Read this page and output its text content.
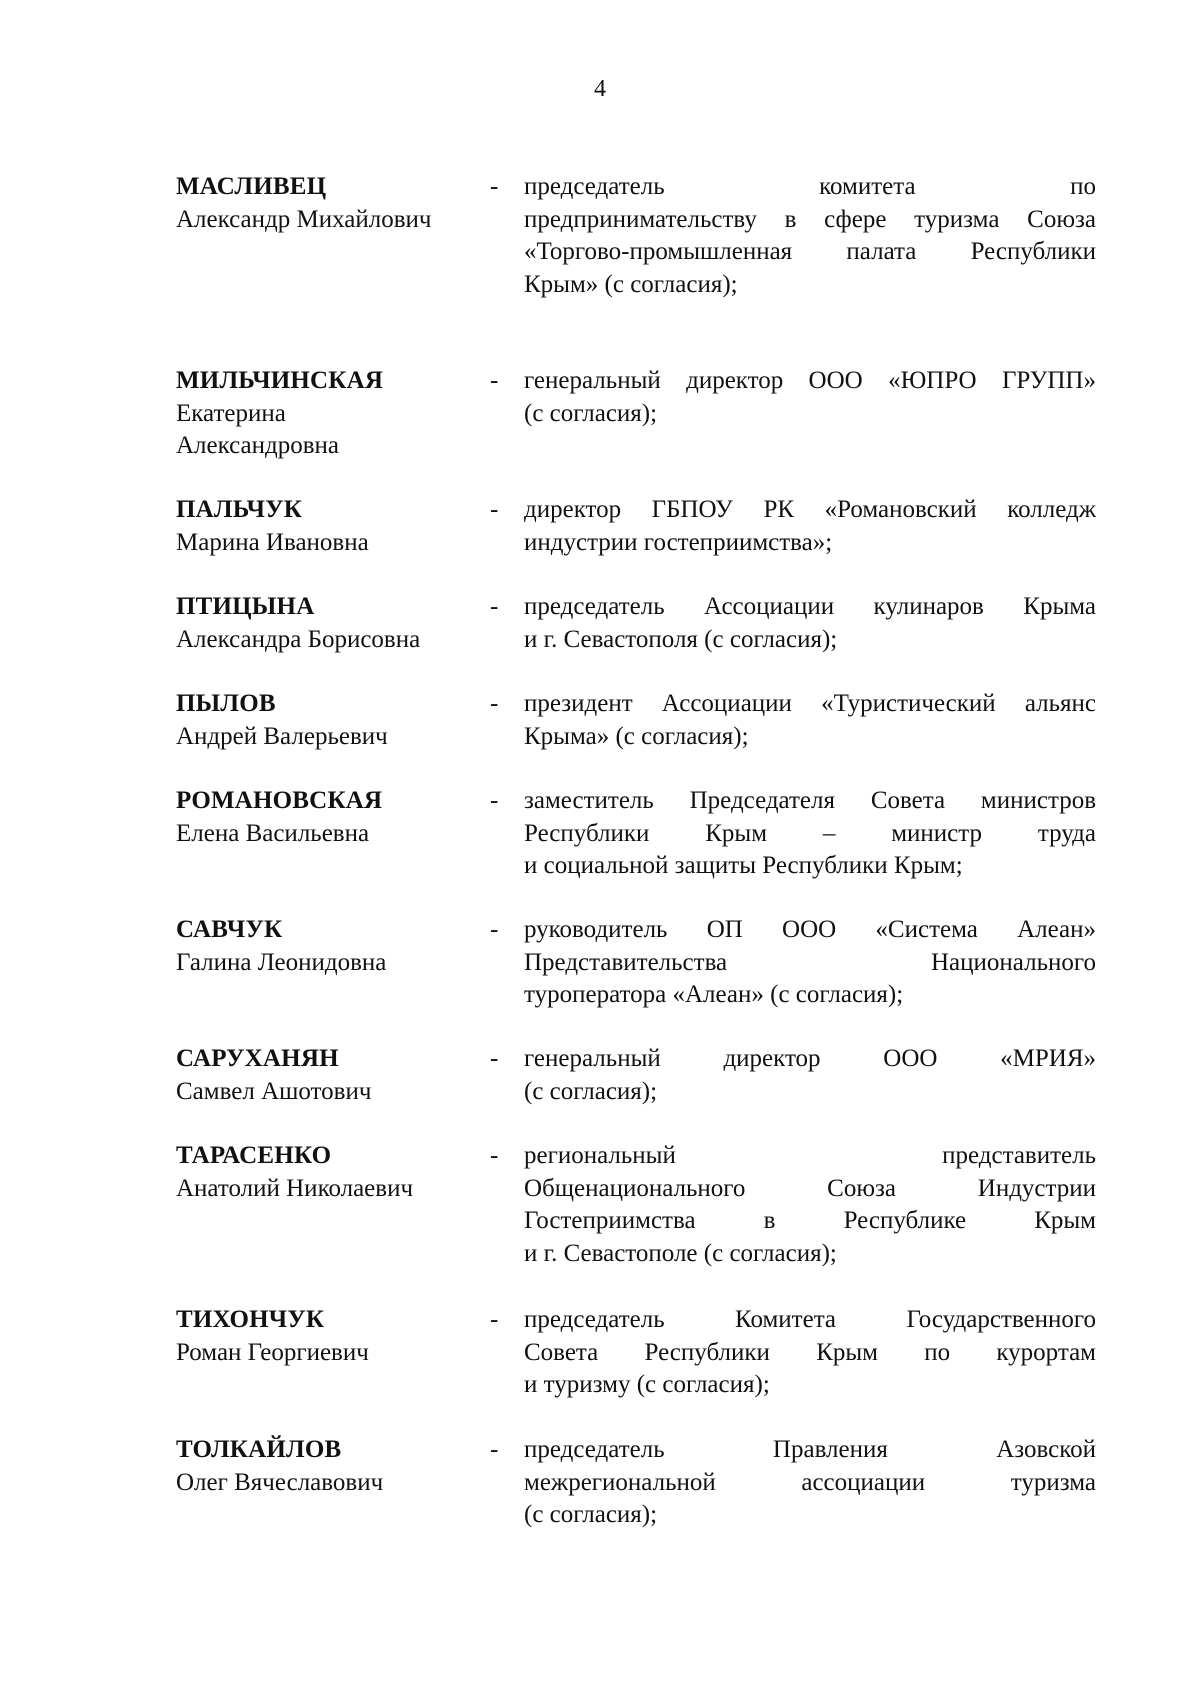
4
МАСЛИВЕЦ
Александр Михайлович
- председатель комитета по
предпринимательству в сфере туризма Союза
«Торгово-промышленная палата Республики
Крым» (с согласия);
МИЛЬЧИНСКАЯ
Екатерина
Александровна
- генеральный директор ООО «ЮПРО ГРУПП»
(с согласия);
ПАЛЬЧУК
Марина Ивановна
- директор ГБПОУ РК «Романовский колледж
индустрии гостеприимства»;
ПТИЦЫНА
Александра Борисовна
- председатель Ассоциации кулинаров Крыма
и г. Севастополя (с согласия);
ПЫЛОВ
Андрей Валерьевич
- президент Ассоциации «Туристический альянс
Крыма» (с согласия);
РОМАНОВСКАЯ
Елена Васильевна
- заместитель Председателя Совета министров
Республики Крым – министр труда
и социальной защиты Республики Крым;
САВЧУК
Галина Леонидовна
- руководитель ОП ООО «Система Алеан»
Представительства Национального
туроператора «Алеан» (с согласия);
САРУХАНЯН
Самвел Ашотович
- генеральный директор ООО «МРИЯ»
(с согласия);
ТАРАСЕНКО
Анатолий Николаевич
- региональный представитель
Общенационального Союза Индустрии
Гостеприимства в Республике Крым
и г. Севастополе (с согласия);
ТИХОНЧУК
Роман Георгиевич
- председатель Комитета Государственного
Совета Республики Крым по курортам
и туризму (с согласия);
ТОЛКАЙЛОВ
Олег Вячеславович
- председатель Правления Азовской
межрегиональной ассоциации туризма
(с согласия);
